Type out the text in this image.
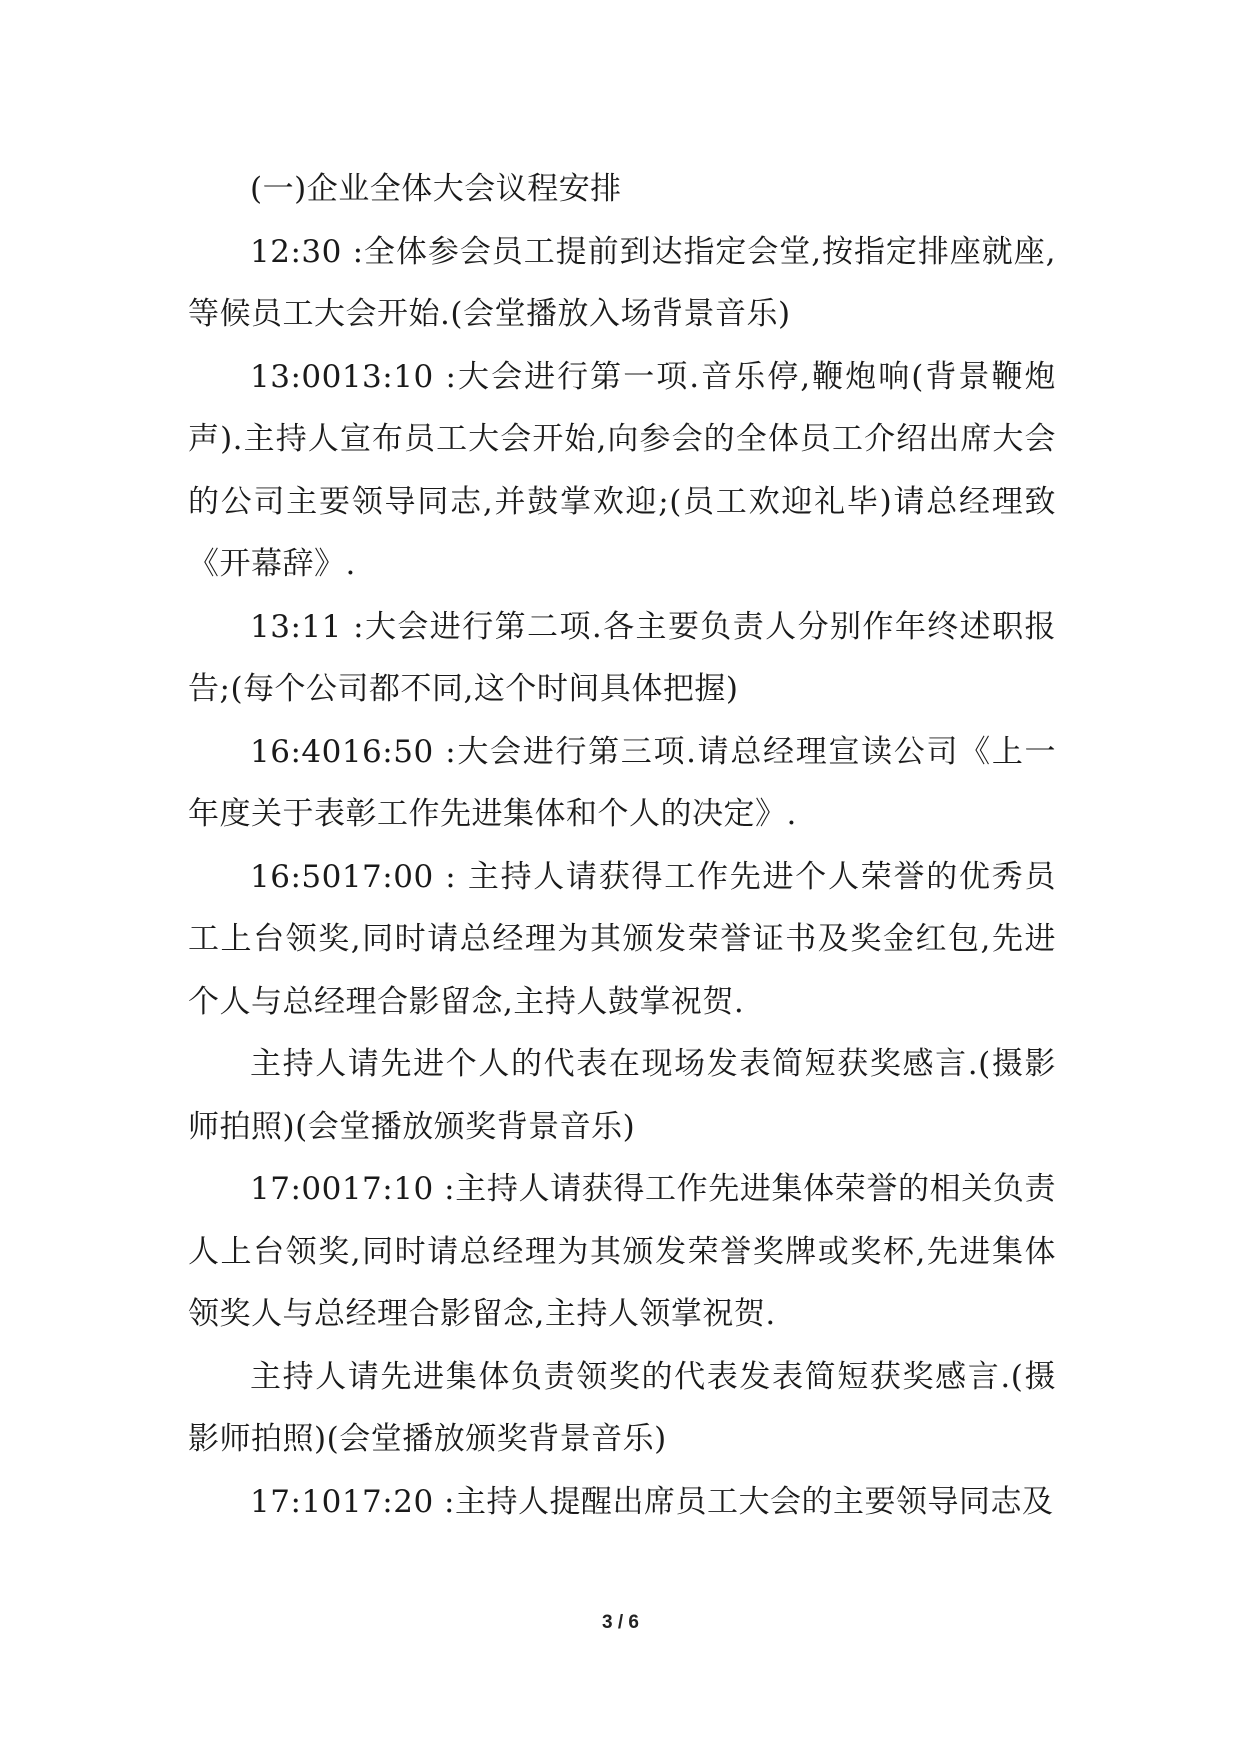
(一)企业全体大会议程安排

12:30 :全体参会员工提前到达指定会堂,按指定排座就座,等候员工大会开始.(会堂播放入场背景音乐)

13:0013:10 :大会进行第一项.音乐停,鞭炮响(背景鞭炮声).主持人宣布员工大会开始,向参会的全体员工介绍出席大会的公司主要领导同志,并鼓掌欢迎;(员工欢迎礼毕)请总经理致《开幕辞》.

13:11 :大会进行第二项.各主要负责人分别作年终述职报告;(每个公司都不同,这个时间具体把握)

16:4016:50 :大会进行第三项.请总经理宣读公司《上一年度关于表彰工作先进集体和个人的决定》.

16:5017:00 : 主持人请获得工作先进个人荣誉的优秀员工上台领奖,同时请总经理为其颁发荣誉证书及奖金红包,先进个人与总经理合影留念,主持人鼓掌祝贺.

主持人请先进个人的代表在现场发表简短获奖感言.(摄影师拍照)(会堂播放颁奖背景音乐)

17:0017:10 :主持人请获得工作先进集体荣誉的相关负责人上台领奖,同时请总经理为其颁发荣誉奖牌或奖杯,先进集体领奖人与总经理合影留念,主持人领掌祝贺.

主持人请先进集体负责领奖的代表发表简短获奖感言.(摄影师拍照)(会堂播放颁奖背景音乐)

17:1017:20 :主持人提醒出席员工大会的主要领导同志及

3 / 6
